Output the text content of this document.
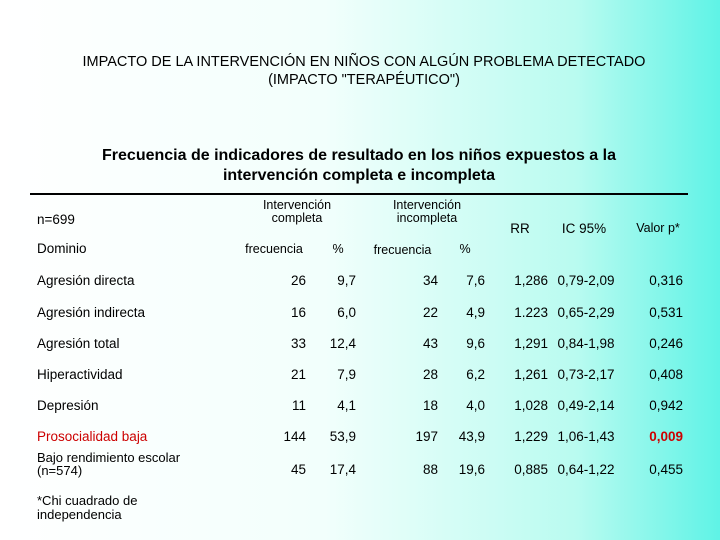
IMPACTO DE LA INTERVENCIÓN EN NIÑOS CON ALGÚN PROBLEMA DETECTADO
(IMPACTO "TERAPÉUTICO")
Frecuencia de indicadores de resultado en los niños expuestos a la
intervención completa e incompleta
n=699
Dominio
Intervención
completa
Intervención
incompleta
RR	IC 95%	Valor p*
frecuencia	%	frecuencia	%
Agresión directa	26	9,7	34	7,6	1,286 0,79-2,09	0,316
Agresión indirecta	16	6,0	22	4,9	1.223 0,65-2,29	0,531
Agresión total	33	12,4	43	9,6	1,291 0,84-1,98	0,246
Hiperactividad	21	7,9	28	6,2	1,261 0,73-2,17	0,408
Depresión	11	4,1	18	4,0	1,028 0,49-2,14	0,942
Prosocialidad baja	144	53,9	197	43,9	1,229 1,06-1,43	0,009
Bajo rendimiento escolar
(n=574)	45	17,4	88	19,6	0,885 0,64-1,22	0,455
*Chi cuadrado de
independencia
